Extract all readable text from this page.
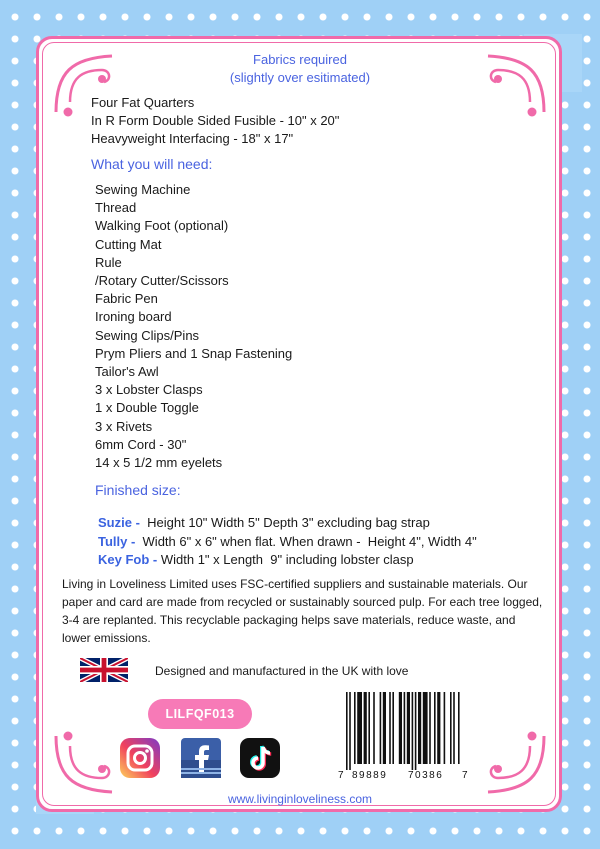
Fabrics required

(slightly over esitimated)

Four Fat Quarters

In R Form Double Sided Fusible - 10" x 20"

Heavyweight Interfacing - 18" x 17"

What you will need:

Sewing Machine
Thread
Walking Foot (optional)
Cutting Mat
Rule
/Rotary Cutter/Scissors
Fabric Pen
Ironing board
Sewing Clips/Pins
Prym Pliers and 1 Snap Fastening
Tailor's Awl
3 x Lobster Clasps
1 x Double Toggle
3 x Rivets
6mm Cord - 30"
14 x 5 1/2 mm eyelets

Finished size:

Suzie -  Height 10" Width 5" Depth 3" excluding bag strap
Tully -  Width 6" x 6" when flat. When drawn -  Height 4", Width 4"
Key Fob - Width 1" x Length  9" including lobster clasp

Living in Loveliness Limited uses FSC-certified suppliers and sustainable materials. Our paper and card are made from recycled or sustainably sourced pulp. For each tree logged, 3-4 are replanted. This recyclable packaging helps save materials, reduce waste, and lower emissions.

Designed and manufactured in the UK with love

LILFQF013
7 89889 70386 7

www.livinginloveliness.com
